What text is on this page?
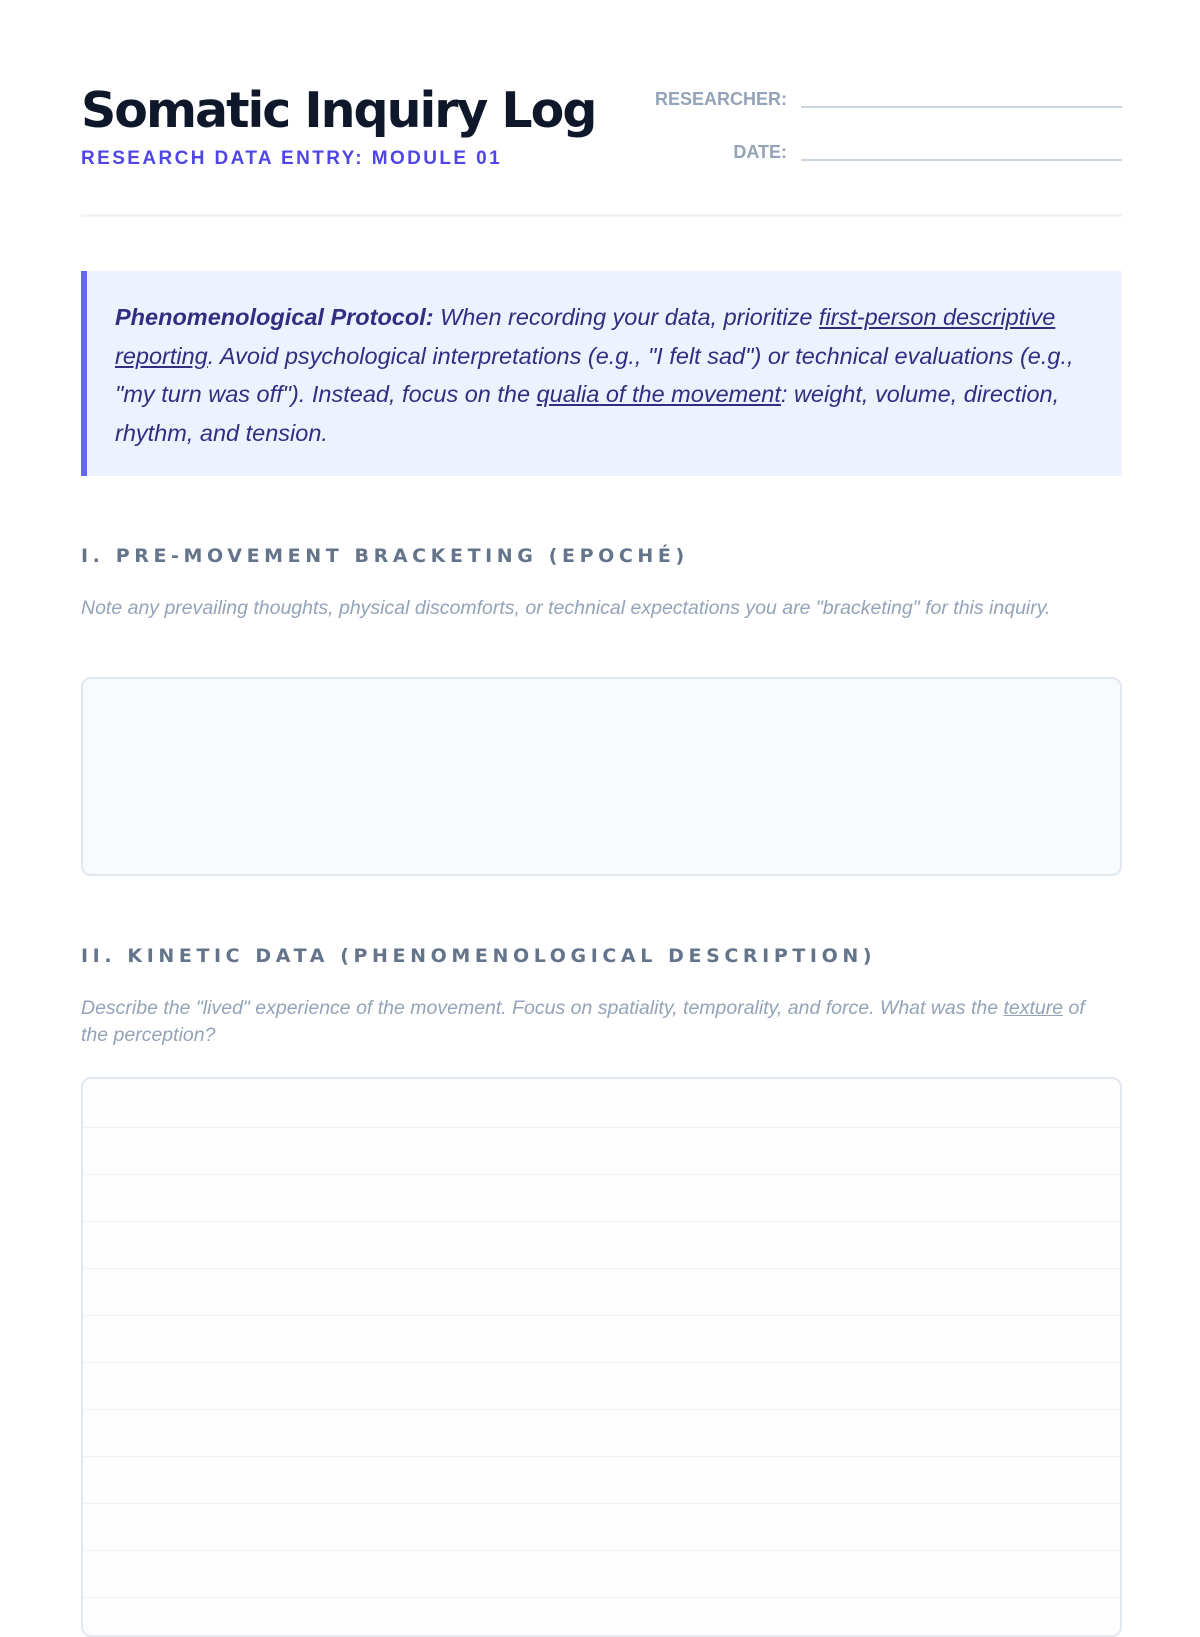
Somatic Inquiry Log
RESEARCH DATA ENTRY: MODULE 01
RESEARCHER:
DATE:
Phenomenological Protocol: When recording your data, prioritize first-person descriptive reporting. Avoid psychological interpretations (e.g., "I felt sad") or technical evaluations (e.g., "my turn was off"). Instead, focus on the qualia of the movement: weight, volume, direction, rhythm, and tension.
I. PRE-MOVEMENT BRACKETING (EPOCHÉ)
Note any prevailing thoughts, physical discomforts, or technical expectations you are "bracketing" for this inquiry.
II. KINETIC DATA (PHENOMENOLOGICAL DESCRIPTION)
Describe the "lived" experience of the movement. Focus on spatiality, temporality, and force. What was the texture of the perception?
